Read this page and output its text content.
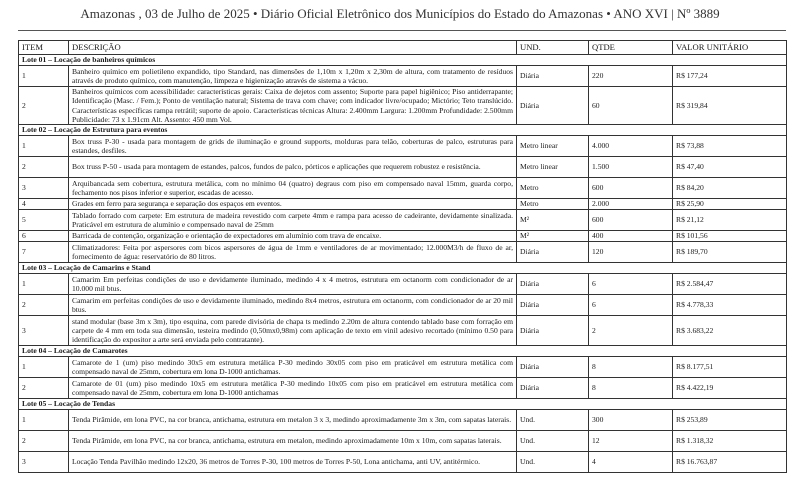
Amazonas , 03 de Julho de 2025 • Diário Oficial Eletrônico dos Municípios do Estado do Amazonas • ANO XVI | Nº 3889
ITEM	DESCRIÇÃO	UND.	QTDE	VALOR UNITÁRIO
Lote 01 – Locação de banheiros químicos				
1	Banheiro químico em polietileno expandido, tipo Standard, nas dimensões de 1,10m x 1,20m x 2,30m de altura, com tratamento de resíduos através de produto químico, com manutenção, limpeza e higienização através de sistema a vácuo.	Diária	220	R$ 177,24
2	Banheiros químicos com acessibilidade: características gerais: Caixa de dejetos com assento; Suporte para papel higiênico; Piso antiderrapante; Identificação (Masc. / Fem.); Ponto de ventilação natural; Sistema de trava com chave; com indicador livre/ocupado; Mictório; Teto translúcido. Características específicas rampa retrátil; suporte de apoio. Características técnicas Altura: 2.400mm Largura: 1.200mm Profundidade: 2.500mm Publicidade: 73 x 1.91cm Alt. Assento: 450 mm Vol.	Diária	60	R$ 319,84
Lote 02 – Locação de Estrutura para eventos				
1	Box truss P-30 - usada para montagem de grids de iluminação e ground supports, molduras para telão, coberturas de palco, estruturas para estandes, desfiles.	Metro linear	4.000	R$ 73,88
2	Box truss P-50 - usada para montagem de estandes, palcos, fundos de palco, pórticos e aplicações que requerem robustez e resistência.	Metro linear	1.500	R$ 47,40
3	Arquibancada sem cobertura, estrutura metálica, com no mínimo 04 (quatro) degraus com piso em compensado naval 15mm, guarda corpo, fechamento nos pisos inferior e superior, escadas de acesso.	Metro	600	R$ 84,20
4	Grades em ferro para segurança e separação dos espaços em eventos.	Metro	2.000	R$ 25,90
5	Tablado forrado com carpete: Em estrutura de madeira revestido com carpete 4mm e rampa para acesso de cadeirante, devidamente sinalizada. Praticável em estrutura de alumínio e compensado naval de 25mm	M²	600	R$ 21,12
6	Barricada de contenção, organização e orientação de expectadores em alumínio com trava de encaixe.	M²	400	R$ 101,56
7	Climatizadores: Feita por aspersores com bicos aspersores de água de 1mm e ventiladores de ar movimentado; 12.000M3/h de fluxo de ar, fornecimento de água: reservatório de 80 litros.	Diária	120	R$ 189,70
Lote 03 – Locação de Camarins e Stand				
1	Camarim Em perfeitas condições de uso e devidamente iluminado, medindo 4 x 4 metros, estrutura em octanorm com condicionador de ar 10.000 mil btus.	Diária	6	R$ 2.584,47
2	Camarim em perfeitas condições de uso e devidamente iluminado, medindo 8x4 metros, estrutura em octanorm, com condicionador de ar 20 mil btus.	Diária	6	R$ 4.778,33
3	stand modular (base 3m x 3m), tipo esquina, com parede divisória de chapa ts medindo 2.20m de altura contendo tablado base com forração em carpete de 4 mm em toda sua dimensão, testeira medindo (0,50mx0,98m) com aplicação de texto em vinil adesivo recortado (mínimo 0.50 para identificação do expositor a arte será enviada pelo contratante).	Diária	2	R$ 3.683,22
Lote 04 – Locação de Camarotes				
1	Camarote de 1 (um) piso medindo 30x5 em estrutura metálica P-30 medindo 30x05 com piso em praticável em estrutura metálica com compensado naval de 25mm, cobertura em lona D-1000 antichamas.	Diária	8	R$ 8.177,51
2	Camarote de 01 (um) piso medindo 10x5 em estrutura metálica P-30 medindo 10x05 com piso em praticável em estrutura metálica com compensado naval de 25mm, cobertura em lona D-1000 antichamas	Diária	8	R$ 4.422,19
Lote 05 – Locação de Tendas				
1	Tenda Pirâmide, em lona PVC, na cor branca, antichama, estrutura em metalon 3 x 3, medindo aproximadamente 3m x 3m, com sapatas laterais.	Und.	300	R$ 253,89
2	Tenda Pirâmide, em lona PVC, na cor branca, antichama, estrutura em metalon, medindo aproximadamente 10m x 10m, com sapatas laterais.	Und.	12	R$ 1.318,32
3	Locação Tenda Pavilhão medindo 12x20, 36 metros de Torres P-30, 100 metros de Torres P-50, Lona antichama, anti UV, antitérmico.	Und.	4	R$ 16.763,87
